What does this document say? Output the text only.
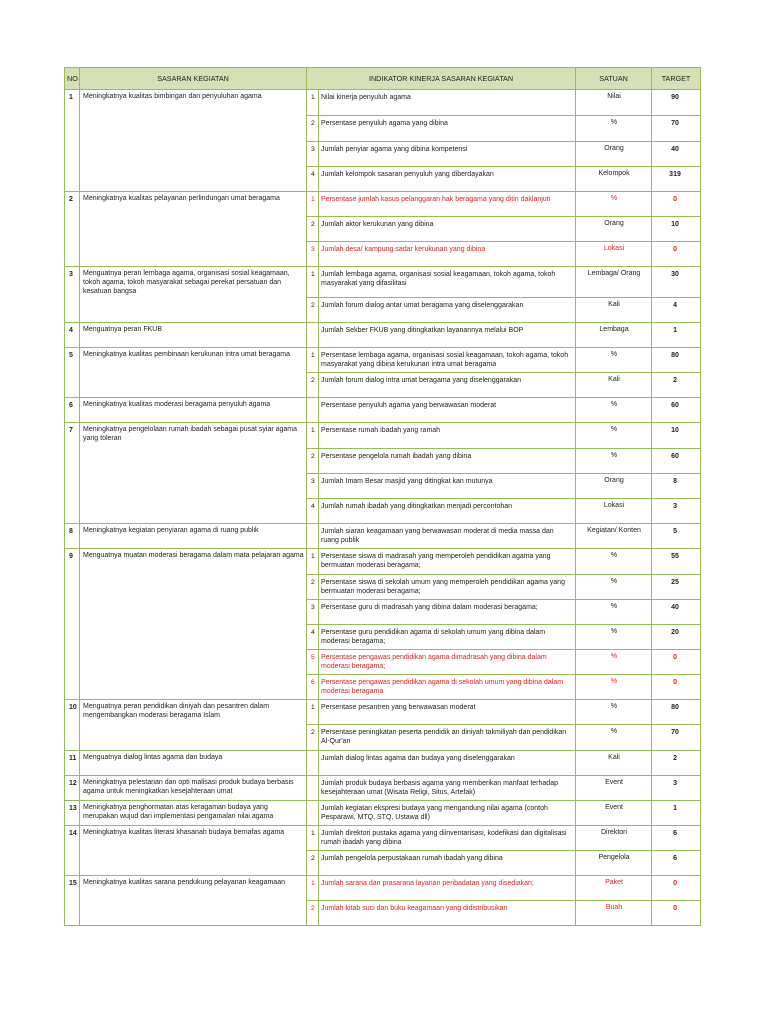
NO	SASARAN KEGIATAN	INDIKATOR KINERJA SASARAN KEGIATAN		SATUAN	TARGET
1	Meningkatnya kualitas bimbingan dan penyuluhan agama	1	Nilai kinerja penyuluh agama	Nilai	90
		2	Persentase penyuluh agama yang dibina	%	70
		3	Jumlah penyiar agama yang dibina kompetensi	Orang	40
		4	Jumlah kelompok sasaran penyuluh yang diberdayakan	Kelompok	319
2	Meningkatnya kualitas pelayanan perlindungan umat beragama	1	Persentase jumlah kasus pelanggaran hak beragama yang ditin daklanjuti	%	0
		2	Jumlah aktor kerukunan yang dibina	Orang	10
		3	Jumlah desa/ kampung sadar kerukunan yang dibina	Lokasi	0
3	Menguatnya peran lembaga agama, organisasi sosial keagamaan, tokoh agama, tokoh masyarakat sebagai perekat persatuan dan kesatuan bangsa	1	Jumlah lembaga agama, organisasi sosial keagamaan, tokoh agama, tokoh masyarakat yang difasilitasi	Lembaga/ Orang	30
		2	Jumlah forum dialog antar umat beragama yang diselenggarakan	Kali	4
4	Menguatnya peran FKUB		Jumlah Sekber FKUB yang ditingkatkan layanannya melalui BOP	Lembaga	1
5	Meningkatnya kualitas pembinaan kerukunan intra umat beragama	1	Persentase lembaga agama, organisasi sosial keagamaan, tokoh agama, tokoh masyarakat yang dibina kerukunan intra umat beragama	%	80
		2	Jumlah forum dialog intra umat beragama yang diselenggarakan	Kali	2
6	Meningkatnya kualitas moderasi beragama penyuluh agama		Persentase penyuluh agama yang berwawasan moderat	%	60
7	Meningkatnya pengelolaan rumah ibadah sebagai pusat syiar agama yang toleran	1	Persentase rumah ibadah yang ramah	%	10
		2	Persentase pengelola rumah ibadah yang dibina	%	60
		3	Jumlah Imam Besar masjid yang ditingkat kan mutunya	Orang	8
		4	Jumlah rumah ibadah yang ditingkatkan menjadi percontohan	Lokasi	3
8	Meningkatnya kegiatan penyiaran agama di ruang publik		Jumlah siaran keagamaan yang berwawasan moderat di media massa dan ruang publik	Kegiatan/ Konten	5
9	Menguatnya muatan moderasi beragama dalam mata pelajaran agama	1	Persentase siswa di madrasah yang memperoleh pendidikan agama yang bermuatan moderasi beragama;	%	55
		2	Persentase siswa di sekolah umum yang memperoleh pendidikan agama yang bermuatan moderasi beragama;	%	25
		3	Persentase guru di madrasah yang dibina dalam moderasi beragama;	%	40
		4	Persentase guru pendidikan agama di sekolah umum yang dibina dalam moderasi beragama;	%	20
		5	Persentase pengawas pendidikan agama dimadrasah yang dibina dalam moderasi beragama;	%	0
		6	Persentase pengawas pendidikan agama di sekolah umum yang dibina dalam moderasi beragama	%	0
10	Menguatnya peran pendidikan diniyah dan pesantren dalam mengembangkan moderasi beragama Islam	1	Persentase pesantren yang berwawasan moderat	%	80
		2	Persentase peningkatan peserta pendidik an diniyah takmiliyah dan pendidikan Al-Qur'an	%	70
11	Menguatnya dialog lintas agama dan budaya		Jumlah dialog lintas agama dan budaya yang diselenggarakan	Kali	2
12	Meningkatnya pelestarian dan opti malisasi produk budaya berbasis agama untuk meningkatkan kesejahteraan umat		Jumlah produk budaya berbasis agama yang memberikan manfaat terhadap kesejahteraan umat (Wisata Religi, Situs, Artefak)	Event	3
13	Meningkatnya penghormatan atas keragaman budaya yang merupakan wujud dari implementasi pengamalan nilai agama		Jumlah kegiatan ekspresi budaya yang mengandung nilai agama (contoh Pesparawi, MTQ, STQ, Ustawa dll)	Event	1
14	Meningkatnya kualitas literasi khasanah budaya bernafas agama	1	Jumlah direktori pustaka agama yang diinventarisasi, kodefikasi dan digitalisasi rumah ibadah yang dibina	Direktori	6
		2	Jumlah pengelola perpustakaan rumah ibadah yang dibina	Pengelola	6
15	Meningkatnya kualitas sarana pendukung pelayanan keagamaan	1	Jumlah sarana dan prasarana layanan peribadatan yang disediakan;	Paket	0
		2	Jumlah kitab suci dan buku keagamaan yang didistribusikan	Buah	0
